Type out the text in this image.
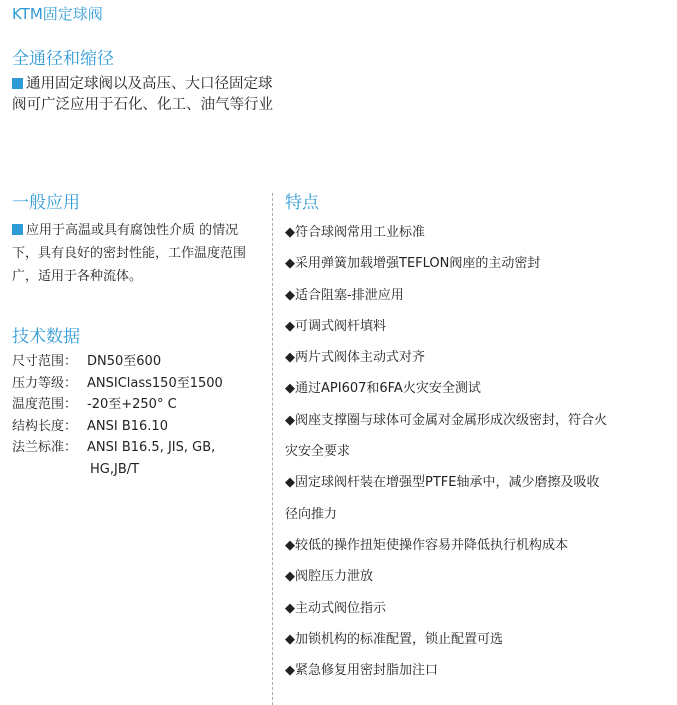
KTM固定球阀
全通径和缩径
通用固定球阀以及高压、大口径固定球阀可广泛应用于石化、化工、油气等行业
一般应用
应用于高温或具有腐蚀性介质 的情况下，具有良好的密封性能，工作温度范围广，适用于各种流体。
技术数据
尺寸范围： DN50至600
压力等级： ANSIClass150至1500
温度范围： -20至+250° C
结构长度： ANSI B16.10
法兰标准： ANSI B16.5, JIS, GB,
HG,JB/T
特点
◆符合球阀常用工业标准
◆采用弹簧加载增强TEFLON阀座的主动密封
◆适合阻塞-排泄应用
◆可调式阀杆填料
◆两片式阀体主动式对齐
◆通过API607和6FA火灾安全测试
◆阀座支撑圈与球体可金属对金属形成次级密封，符合火
灾安全要求
◆固定球阀杆装在增强型PTFE轴承中，减少磨擦及吸收
径向推力
◆较低的操作扭矩使操作容易并降低执行机构成本
◆阀腔压力泄放
◆主动式阀位指示
◆加锁机构的标准配置，锁止配置可选
◆紧急修复用密封脂加注口
